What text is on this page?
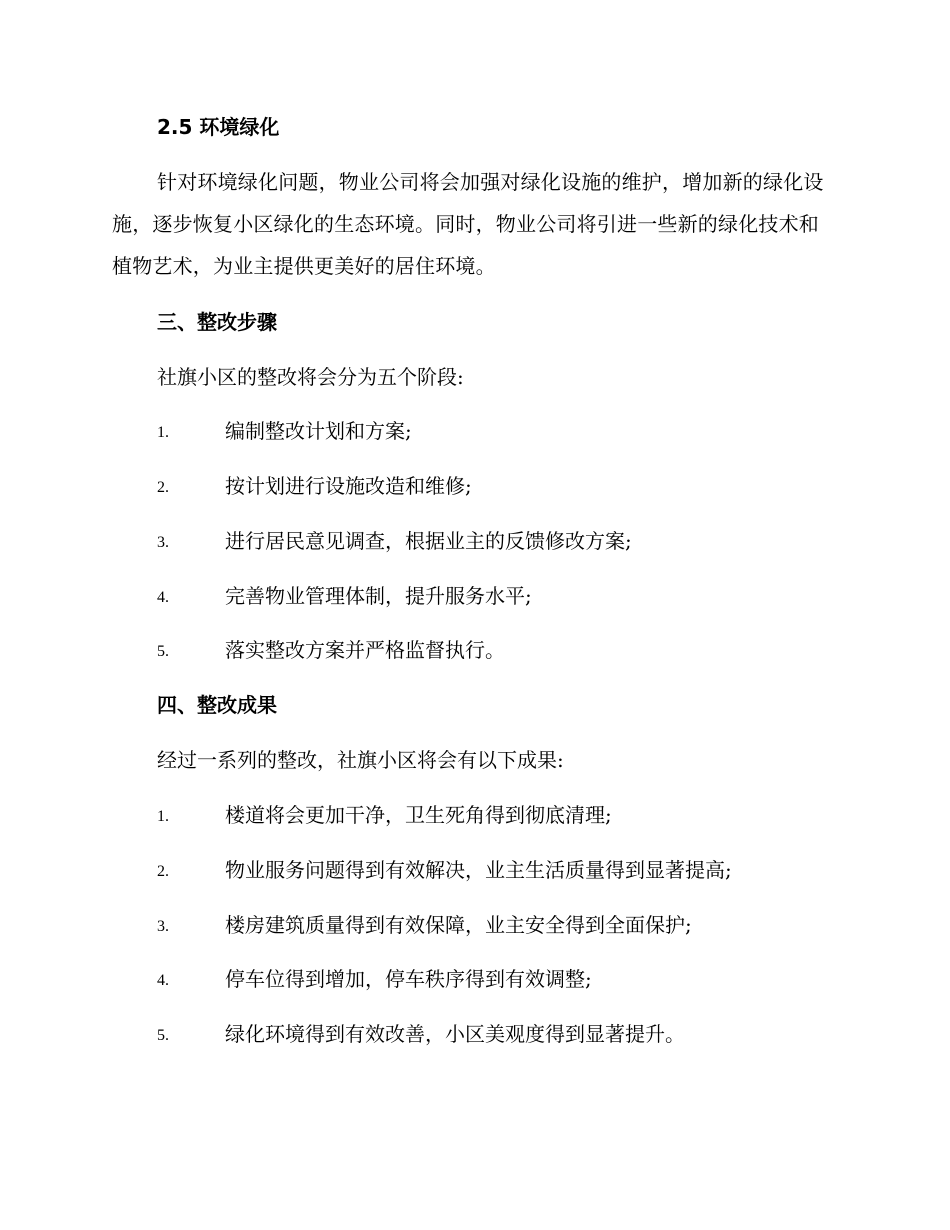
2.5 环境绿化
针对环境绿化问题，物业公司将会加强对绿化设施的维护，增加新的绿化设施，逐步恢复小区绿化的生态环境。同时，物业公司将引进一些新的绿化技术和植物艺术，为业主提供更美好的居住环境。
三、整改步骤
社旗小区的整改将会分为五个阶段:
1.	编制整改计划和方案;
2.	按计划进行设施改造和维修;
3.	进行居民意见调查，根据业主的反馈修改方案;
4.	完善物业管理体制，提升服务水平;
5.	落实整改方案并严格监督执行。
四、整改成果
经过一系列的整改，社旗小区将会有以下成果:
1.	楼道将会更加干净，卫生死角得到彻底清理;
2.	物业服务问题得到有效解决，业主生活质量得到显著提高;
3.	楼房建筑质量得到有效保障，业主安全得到全面保护;
4.	停车位得到增加，停车秩序得到有效调整;
5.	绿化环境得到有效改善，小区美观度得到显著提升。
